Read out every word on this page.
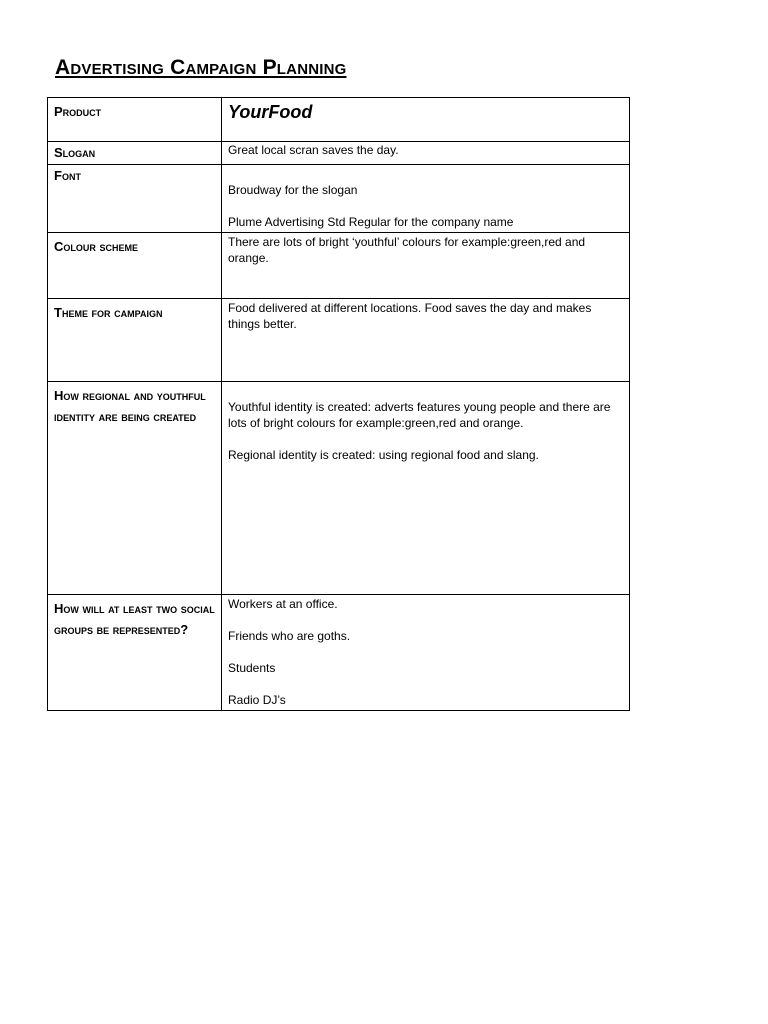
Advertising Campaign Planning
Product	YourFood

Slogan	Great local scran saves the day.

Font	Broudway for the slogan

Plume Advertising Std Regular for the company name

Colour scheme	There are lots of bright ‘youthful’ colours for example:green,red and orange.

Theme for campaign	Food delivered at different locations. Food saves the day and makes things better.

How regional and youthful identity are being created	Youthful identity is created: adverts features young people and there are lots of bright colours for example:green,red and orange.

Regional identity is created: using regional food and slang.

How will at least two social groups be represented?	Workers at an office.

Friends who are goths.

Students

Radio DJ’s
